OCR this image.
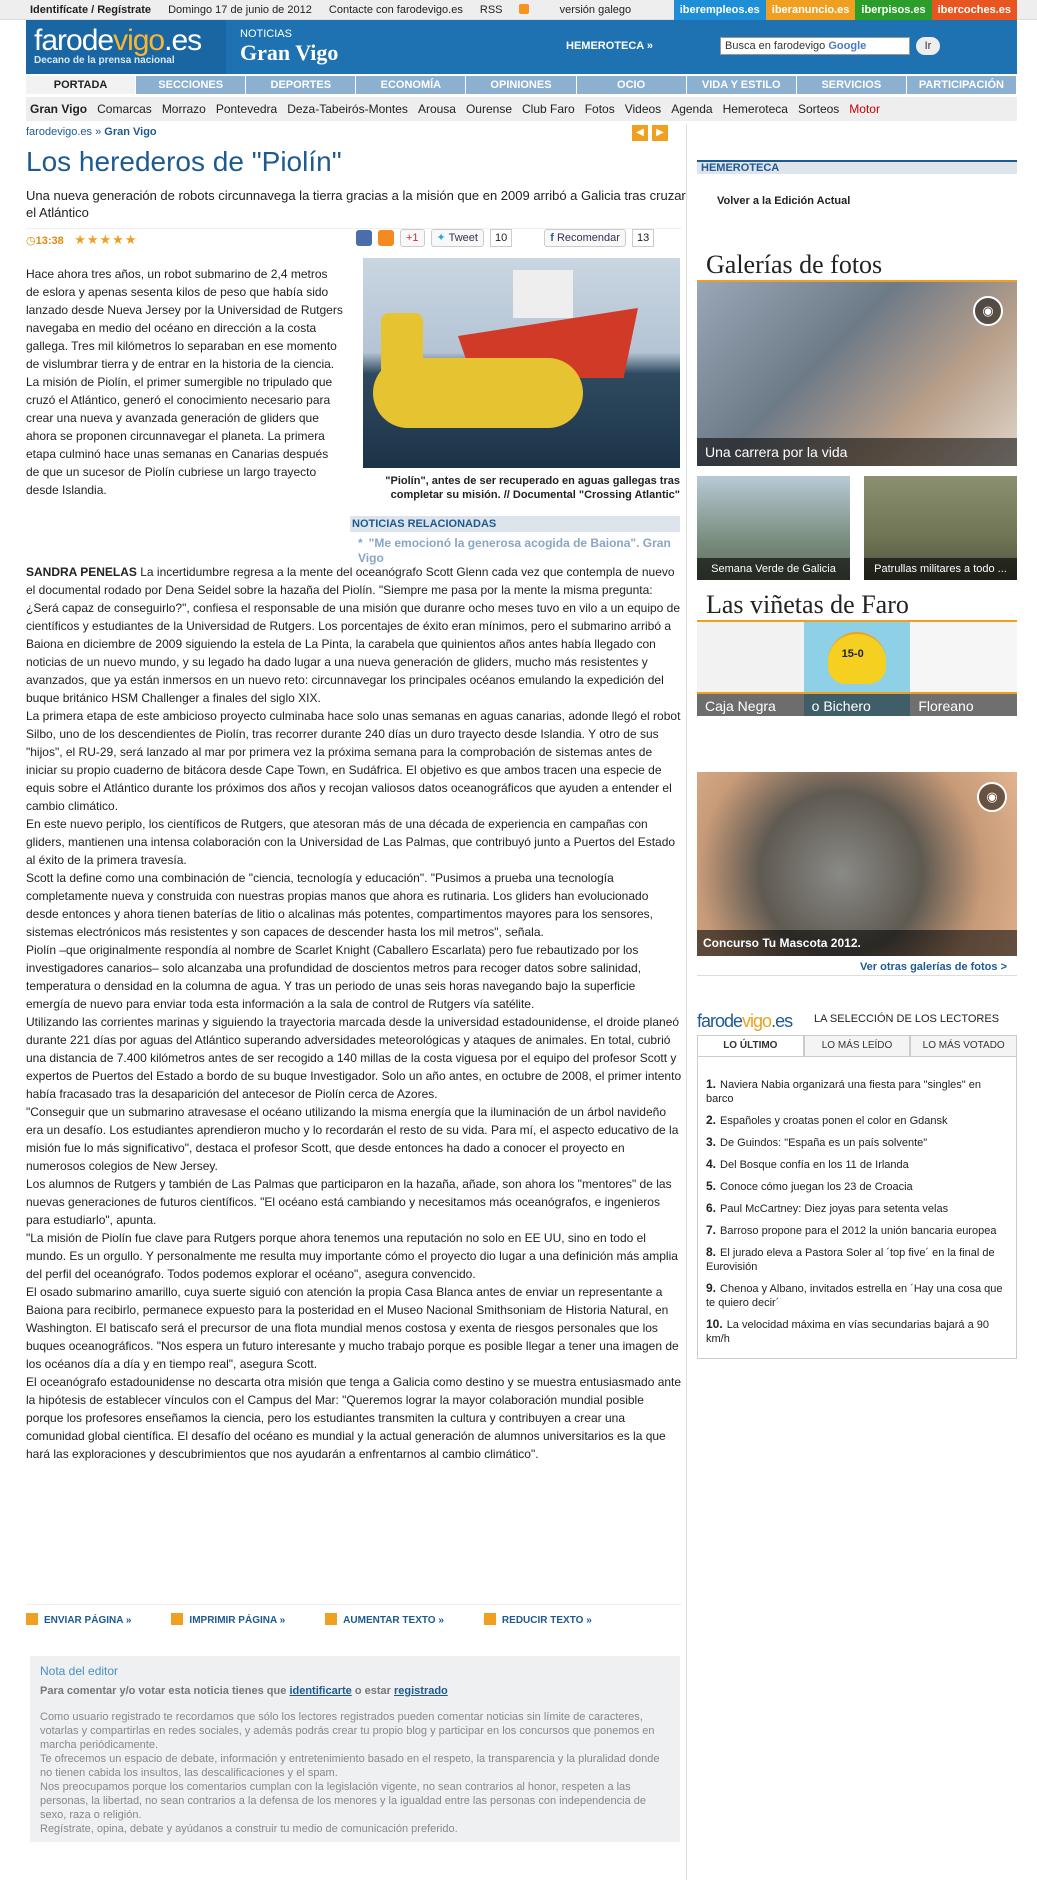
Identifícate / Regístrate Domingo 17 de junio de 2012 Contacte con farodevigo.es RSS	versión galego	iberempleos.es	iberanuncio.es	iberpisos.es	ibercoches.es
farodevigo.es
Decano de la prensa nacional
NOTICIAS
Gran Vigo	HEMEROTECA »	Busca en farodevigo Google	Ir
PORTADA	SECCIONES	DEPORTES	ECONOMÍA	OPINIONES	OCIO	VIDA Y ESTILO	SERVICIOS	PARTICIPACIÓN
Gran Vigo Comarcas Morrazo Pontevedra Deza-Tabeirós-Montes Arousa Ourense Club Faro Fotos Videos Agenda Hemeroteca Sorteos Motor
farodevigo.es » Gran Vigo	◀	▶
Los herederos de "Piolín"
Una nueva generación de robots circunnavega la tierra gracias a la misión que en 2009 arribó a Galicia tras cruzar el Atlántico
◷13:38 ★★★★★	+1	✦ Tweet	10	f Recomendar	13
Hace ahora tres años, un robot submarino de 2,4 metros de eslora y apenas sesenta kilos de peso que había sido lanzado desde Nueva Jersey por la Universidad de Rutgers navegaba en medio del océano en dirección a la costa gallega. Tres mil kilómetros lo separaban en ese momento de vislumbrar tierra y de entrar en la historia de la ciencia. La misión de Piolín, el primer sumergible no tripulado que cruzó el Atlántico, generó el conocimiento necesario para crear una nueva y avanzada generación de gliders que ahora se proponen circunnavegar el planeta. La primera etapa culminó hace unas semanas en Canarias después de que un sucesor de Piolín cubriese un largo trayecto desde Islandia.
"Piolín", antes de ser recuperado en aguas gallegas tras completar su misión. // Documental "Crossing Atlantic"
NOTICIAS RELACIONADAS
* "Me emocionó la generosa acogida de Baiona". Gran Vigo

SANDRA PENELAS La incertidumbre regresa a la mente del oceanógrafo Scott Glenn cada vez que contempla de nuevo el documental rodado por Dena Seidel sobre la hazaña del Piolín. "Siempre me pasa por la mente la misma pregunta: ¿Será capaz de conseguirlo?", confiesa el responsable de una misión que duranre ocho meses tuvo en vilo a un equipo de científicos y estudiantes de la Universidad de Rutgers. Los porcentajes de éxito eran mínimos, pero el submarino arribó a Baiona en diciembre de 2009 siguiendo la estela de La Pinta, la carabela que quinientos años antes había llegado con noticias de un nuevo mundo, y su legado ha dado lugar a una nueva generación de gliders, mucho más resistentes y avanzados, que ya están inmersos en un nuevo reto: circunnavegar los principales océanos emulando la expedición del buque británico HSM Challenger a finales del siglo XIX.

La primera etapa de este ambicioso proyecto culminaba hace solo unas semanas en aguas canarias, adonde llegó el robot Silbo, uno de los descendientes de Piolín, tras recorrer durante 240 días un duro trayecto desde Islandia. Y otro de sus "hijos", el RU-29, será lanzado al mar por primera vez la próxima semana para la comprobación de sistemas antes de iniciar su propio cuaderno de bitácora desde Cape Town, en Sudáfrica. El objetivo es que ambos tracen una especie de equis sobre el Atlántico durante los próximos dos años y recojan valiosos datos oceanográficos que ayuden a entender el cambio climático.

En este nuevo periplo, los científicos de Rutgers, que atesoran más de una década de experiencia en campañas con gliders, mantienen una intensa colaboración con la Universidad de Las Palmas, que contribuyó junto a Puertos del Estado al éxito de la primera travesía.

Scott la define como una combinación de "ciencia, tecnología y educación". "Pusimos a prueba una tecnología completamente nueva y construida con nuestras propias manos que ahora es rutinaria. Los gliders han evolucionado desde entonces y ahora tienen baterías de litio o alcalinas más potentes, compartimentos mayores para los sensores, sistemas electrónicos más resistentes y son capaces de descender hasta los mil metros", señala.

Piolín –que originalmente respondía al nombre de Scarlet Knight (Caballero Escarlata) pero fue rebautizado por los investigadores canarios– solo alcanzaba una profundidad de doscientos metros para recoger datos sobre salinidad, temperatura o densidad en la columna de agua. Y tras un periodo de unas seis horas navegando bajo la superficie emergía de nuevo para enviar toda esta información a la sala de control de Rutgers vía satélite.

Utilizando las corrientes marinas y siguiendo la trayectoria marcada desde la universidad estadounidense, el droide planeó durante 221 días por aguas del Atlántico superando adversidades meteorológicas y ataques de animales. En total, cubrió una distancia de 7.400 kilómetros antes de ser recogido a 140 millas de la costa viguesa por el equipo del profesor Scott y expertos de Puertos del Estado a bordo de su buque Investigador. Solo un año antes, en octubre de 2008, el primer intento había fracasado tras la desaparición del antecesor de Piolín cerca de Azores.

"Conseguir que un submarino atravesase el océano utilizando la misma energía que la iluminación de un árbol navideño era un desafío. Los estudiantes aprendieron mucho y lo recordarán el resto de su vida. Para mí, el aspecto educativo de la misión fue lo más significativo", destaca el profesor Scott, que desde entonces ha dado a conocer el proyecto en numerosos colegios de New Jersey.

Los alumnos de Rutgers y también de Las Palmas que participaron en la hazaña, añade, son ahora los "mentores" de las nuevas generaciones de futuros científicos. "El océano está cambiando y necesitamos más oceanógrafos, e ingenieros para estudiarlo", apunta.

"La misión de Piolín fue clave para Rutgers porque ahora tenemos una reputación no solo en EE UU, sino en todo el mundo. Es un orgullo. Y personalmente me resulta muy importante cómo el proyecto dio lugar a una definición más amplia del perfil del oceanógrafo. Todos podemos explorar el océano", asegura convencido.

El osado submarino amarillo, cuya suerte siguió con atención la propia Casa Blanca antes de enviar un representante a Baiona para recibirlo, permanece expuesto para la posteridad en el Museo Nacional Smithsoniam de Historia Natural, en Washington. El batiscafo será el precursor de una flota mundial menos costosa y exenta de riesgos personales que los buques oceanográficos. "Nos espera un futuro interesante y mucho trabajo porque es posible llegar a tener una imagen de los océanos día a día y en tiempo real", asegura Scott.

El oceanógrafo estadounidense no descarta otra misión que tenga a Galicia como destino y se muestra entusiasmado ante la hipótesis de establecer vínculos con el Campus del Mar: "Queremos lograr la mayor colaboración mundial posible porque los profesores enseñamos la ciencia, pero los estudiantes transmiten la cultura y contribuyen a crear una comunidad global científica. El desafío del océano es mundial y la actual generación de alumnos universitarios es la que hará las exploraciones y descubrimientos que nos ayudarán a enfrentarnos al cambio climático".

ENVIAR PÁGINA »	IMPRIMIR PÁGINA »	AUMENTAR TEXTO »	REDUCIR TEXTO »
Nota del editor
Para comentar y/o votar esta noticia tienes que identificarte o estar registrado
Como usuario registrado te recordamos que sólo los lectores registrados pueden comentar noticias sin límite de caracteres, votarlas y compartirlas en redes sociales, y además podrás crear tu propio blog y participar en los concursos que ponemos en marcha periódicamente.
Te ofrecemos un espacio de debate, información y entretenimiento basado en el respeto, la transparencia y la pluralidad donde no tienen cabida los insultos, las descalificaciones y el spam.
Nos preocupamos porque los comentarios cumplan con la legislación vigente, no sean contrarios al honor, respeten a las personas, la libertad, no sean contrarios a la defensa de los menores y la igualdad entre las personas con independencia de sexo, raza o religión.
Regístrate, opina, debate y ayúdanos a construir tu medio de comunicación preferido.
HEMEROTECA
Volver a la Edición Actual
Galerías de fotos
◉
Una carrera por la vida
Semana Verde de Galicia	Patrullas militares a todo ...
Las viñetas de Faro
Caja Negra
15-0
o Bichero	Floreano
◉
Concurso Tu Mascota 2012.
Ver otras galerías de fotos >
farodevigo.es LA SELECCIÓN DE LOS LECTORES
LO ÚLTIMO	LO MÁS LEÍDO	LO MÁS VOTADO
1. Naviera Nabia organizará una fiesta para "singles" en barco
2. Españoles y croatas ponen el color en Gdansk
3. De Guindos: "España es un país solvente"
4. Del Bosque confía en los 11 de Irlanda
5. Conoce cómo juegan los 23 de Croacia
6. Paul McCartney: Diez joyas para setenta velas
7. Barroso propone para el 2012 la unión bancaria europea
8. El jurado eleva a Pastora Soler al ´top five´ en la final de Eurovisión
9. Chenoa y Albano, invitados estrella en ´Hay una cosa que te quiero decir´
10. La velocidad máxima en vías secundarias bajará a 90 km/h
